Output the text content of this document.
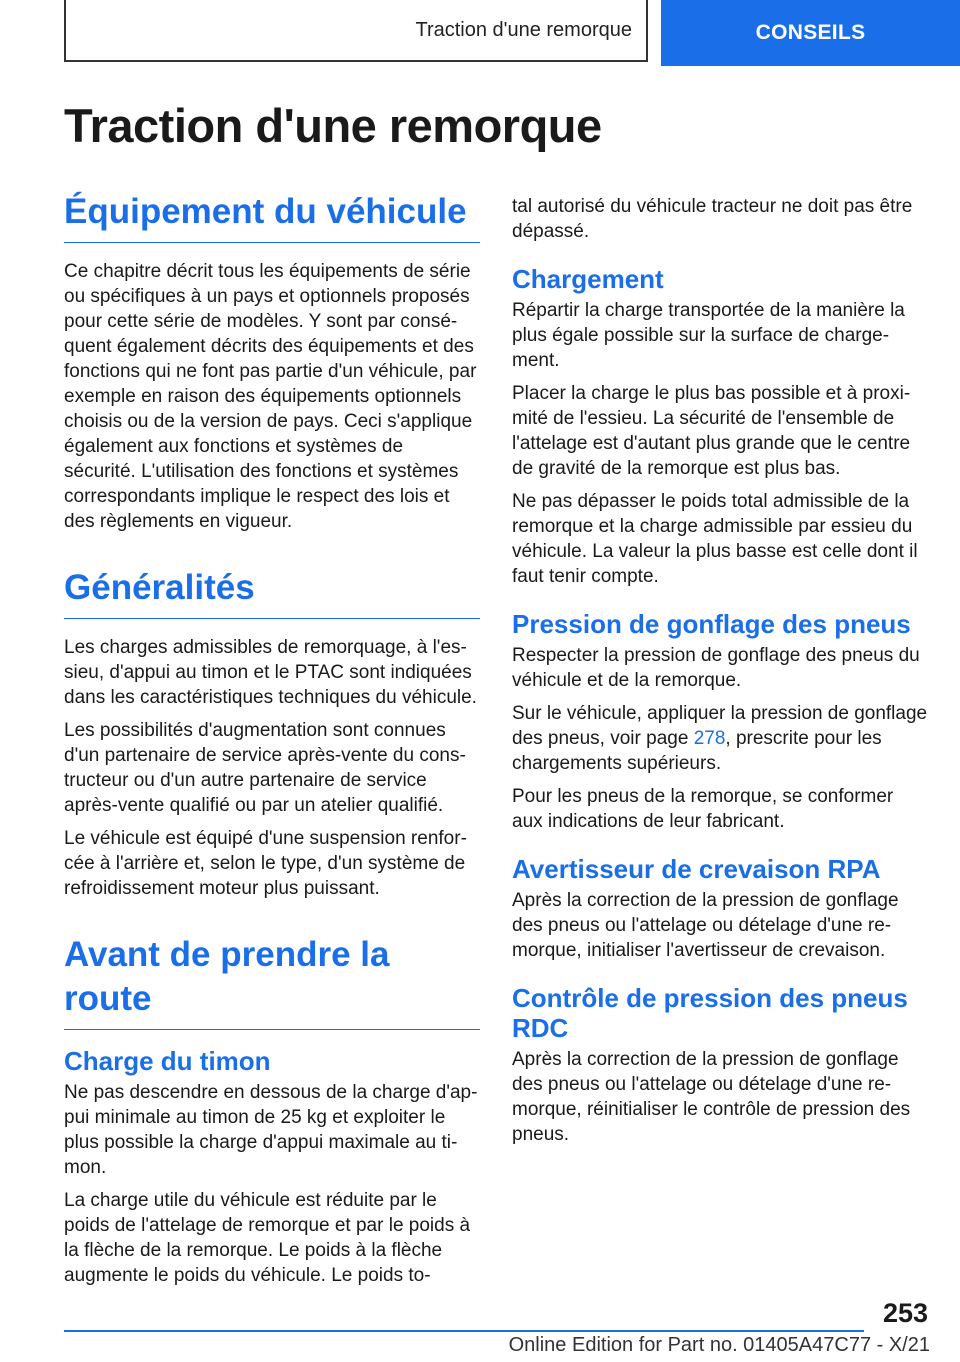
Traction d'une remorque	CONSEILS
Traction d'une remorque
Équipement du véhicule

Ce chapitre décrit tous les équipements de série ou spécifiques à un pays et optionnels proposés pour cette série de modèles. Y sont par conséquent également décrits des équipements et des fonctions qui ne font pas partie d'un véhicule, par exemple en raison des équipements optionnels choisis ou de la version de pays. Ceci s'applique également aux fonctions et systèmes de sécurité. L'utilisation des fonctions et systèmes correspondants implique le respect des lois et des règlements en vigueur.

Généralités

Les charges admissibles de remorquage, à l'essieu, d'appui au timon et le PTAC sont indiquées dans les caractéristiques techniques du véhicule.

Les possibilités d'augmentation sont connues d'un partenaire de service après-vente du constructeur ou d'un autre partenaire de service après-vente qualifié ou par un atelier qualifié.

Le véhicule est équipé d'une suspension renforcée à l'arrière et, selon le type, d'un système de refroidissement moteur plus puissant.

Avant de prendre la route
Charge du timon

Ne pas descendre en dessous de la charge d'appui minimale au timon de 25 kg et exploiter le plus possible la charge d'appui maximale au timon.

La charge utile du véhicule est réduite par le poids de l'attelage de remorque et par le poids à la flèche de la remorque. Le poids à la flèche augmente le poids du véhicule. Le poids to-

tal autorisé du véhicule tracteur ne doit pas être dépassé.

Chargement

Répartir la charge transportée de la manière la plus égale possible sur la surface de chargement.

Placer la charge le plus bas possible et à proximité de l'essieu. La sécurité de l'ensemble de l'attelage est d'autant plus grande que le centre de gravité de la remorque est plus bas.

Ne pas dépasser le poids total admissible de la remorque et la charge admissible par essieu du véhicule. La valeur la plus basse est celle dont il faut tenir compte.

Pression de gonflage des pneus

Respecter la pression de gonflage des pneus du véhicule et de la remorque.

Sur le véhicule, appliquer la pression de gonflage des pneus, voir page 278, prescrite pour les chargements supérieurs.

Pour les pneus de la remorque, se conformer aux indications de leur fabricant.

Avertisseur de crevaison RPA

Après la correction de la pression de gonflage des pneus ou l'attelage ou dételage d'une remorque, initialiser l'avertisseur de crevaison.

Contrôle de pression des pneus RDC

Après la correction de la pression de gonflage des pneus ou l'attelage ou dételage d'une remorque, réinitialiser le contrôle de pression des pneus.

253
Online Edition for Part no. 01405A47C77 - X/21
